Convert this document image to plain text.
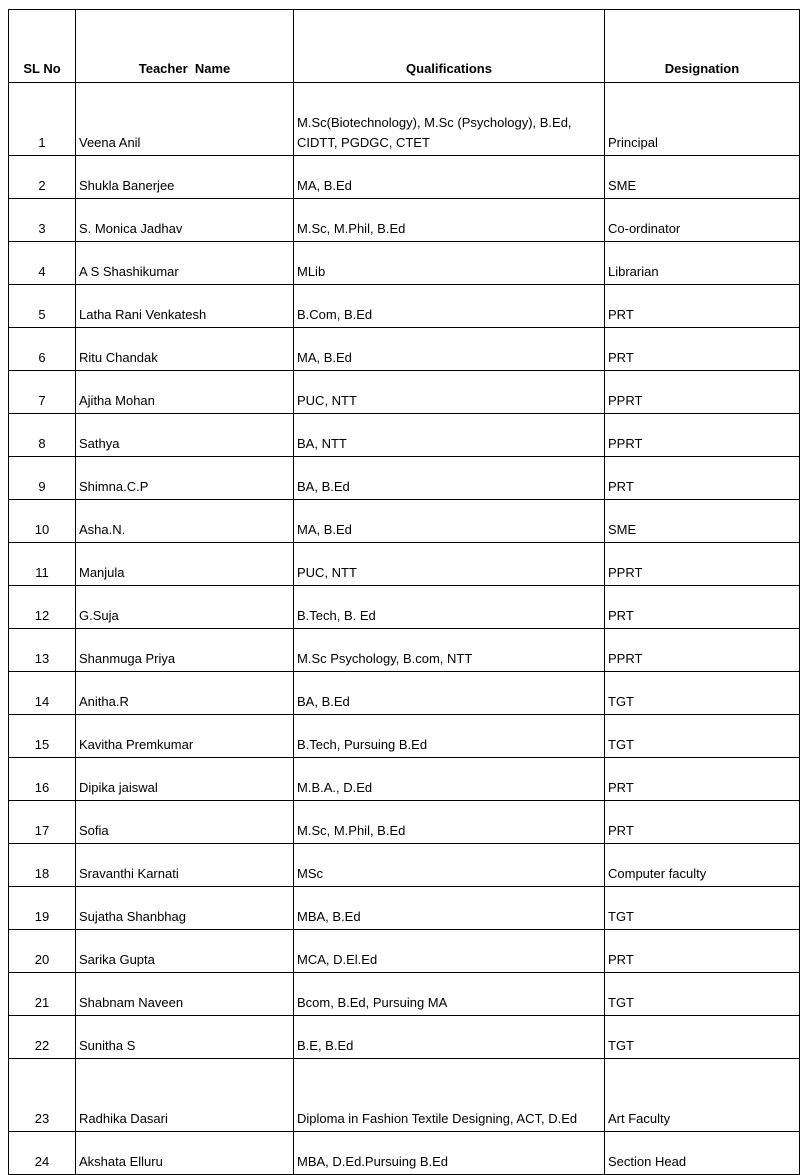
SL No	Teacher  Name	Qualifications	Designation
1	Veena Anil	M.Sc(Biotechnology), M.Sc (Psychology), B.Ed, CIDTT, PGDGC, CTET	Principal
2	Shukla Banerjee	MA, B.Ed	SME
3	S. Monica Jadhav	M.Sc, M.Phil, B.Ed	Co-ordinator
4	A S Shashikumar	MLib	Librarian
5	Latha Rani Venkatesh	B.Com, B.Ed	PRT
6	Ritu Chandak	MA, B.Ed	PRT
7	Ajitha Mohan	PUC, NTT	PPRT
8	Sathya	BA, NTT	PPRT
9	Shimna.C.P	BA, B.Ed	PRT
10	Asha.N.	MA, B.Ed	SME
11	Manjula	PUC, NTT	PPRT
12	G.Suja	B.Tech, B. Ed	PRT
13	Shanmuga Priya	M.Sc Psychology, B.com, NTT	PPRT
14	Anitha.R	BA, B.Ed	TGT
15	Kavitha Premkumar	B.Tech, Pursuing B.Ed	TGT
16	Dipika jaiswal	M.B.A., D.Ed	PRT
17	Sofia	M.Sc, M.Phil, B.Ed	PRT
18	Sravanthi Karnati	MSc	Computer faculty
19	Sujatha Shanbhag	MBA, B.Ed	TGT
20	Sarika Gupta	MCA, D.El.Ed	PRT
21	Shabnam Naveen	Bcom, B.Ed, Pursuing MA	TGT
22	Sunitha S	B.E, B.Ed	TGT
23	Radhika Dasari	Diploma in Fashion Textile Designing, ACT, D.Ed	Art Faculty
24	Akshata Elluru	MBA, D.Ed.Pursuing B.Ed	Section Head
